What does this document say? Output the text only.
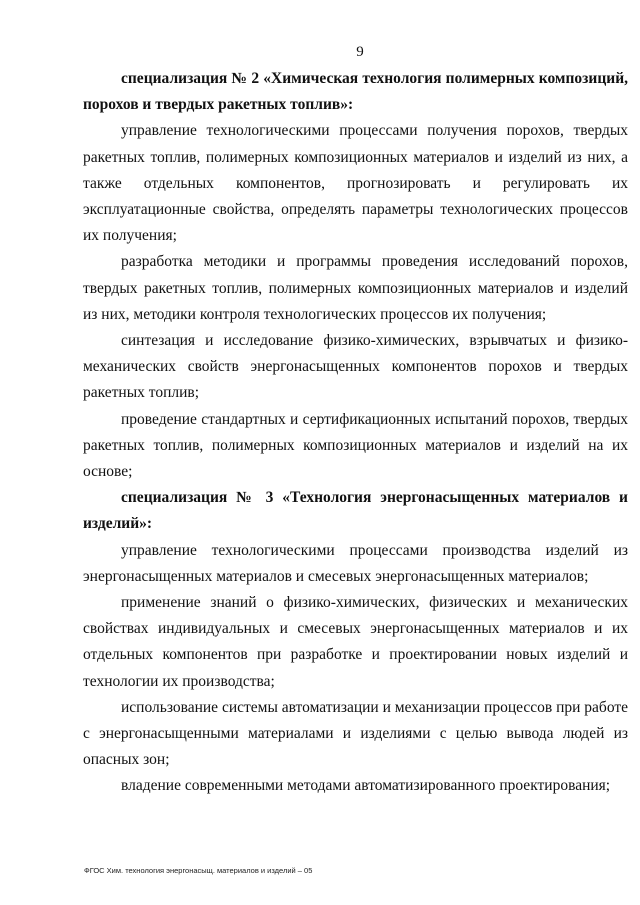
9

специализация № 2 «Химическая технология полимерных композиций, порохов и твердых ракетных топлив»:

управление технологическими процессами получения порохов, твердых ракетных топлив, полимерных композиционных материалов и изделий из них, а также отдельных компонентов, прогнозировать и регулировать их эксплуатационные свойства, определять параметры технологических процессов их получения;

разработка методики и программы проведения исследований порохов, твердых ракетных топлив, полимерных композиционных материалов и изделий из них, методики контроля технологических процессов их получения;

синтезация и исследование физико-химических, взрывчатых и физико-механических свойств энергонасыщенных компонентов порохов и твердых ракетных топлив;

проведение стандартных и сертификационных испытаний порохов, твердых ракетных топлив, полимерных композиционных материалов и изделий на их основе;

специализация № 3 «Технология энергонасыщенных материалов и изделий»:

управление технологическими процессами производства изделий из энергонасыщенных материалов и смесевых энергонасыщенных материалов;

применение знаний о физико-химических, физических и механических свойствах индивидуальных и смесевых энергонасыщенных материалов и их отдельных компонентов при разработке и проектировании новых изделий и технологии их производства;

использование системы автоматизации и механизации процессов при работе с энергонасыщенными материалами и изделиями с целью вывода людей из опасных зон;

владение современными методами автоматизированного проектирования;

ФГОС Хим. технология энергонасыщ. материалов и изделий – 05
